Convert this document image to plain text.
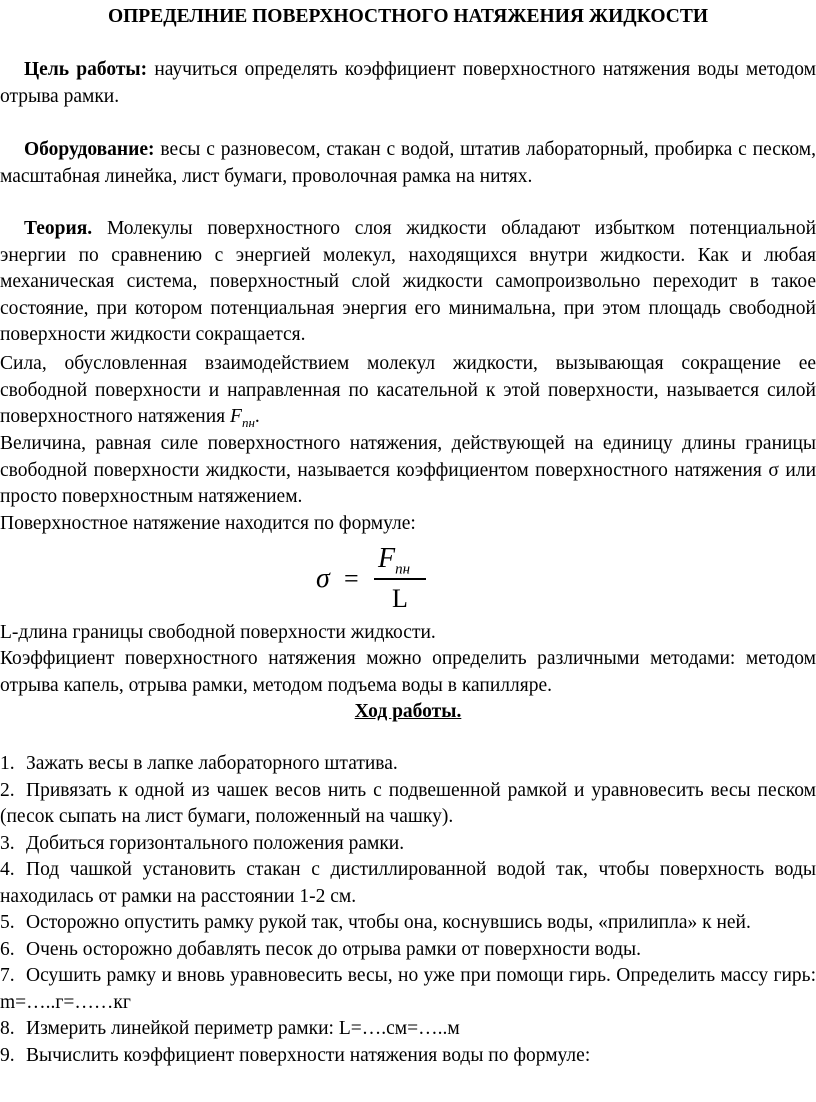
ОПРЕДЕЛНИЕ ПОВЕРХНОСТНОГО НАТЯЖЕНИЯ ЖИДКОСТИ
Цель работы: научиться определять коэффициент поверхностного натяжения воды методом отрыва рамки.
Оборудование: весы с разновесом, стакан с водой, штатив лабораторный, пробирка с песком, масштабная линейка, лист бумаги, проволочная рамка на нитях.
Теория. Молекулы поверхностного слоя жидкости обладают избытком потенциальной энергии по сравнению с энергией молекул, находящихся внутри жидкости. Как и любая механическая система, поверхностный слой жидкости самопроизвольно переходит в такое состояние, при котором потенциальная энергия его минимальна, при этом площадь свободной поверхности жидкости сокращается.
Сила, обусловленная взаимодействием молекул жидкости, вызывающая сокращение ее свободной поверхности и направленная по касательной к этой поверхности, называется силой поверхностного натяжения $F_{пн}$.
Величина, равная силе поверхностного натяжения, действующей на единицу длины границы свободной поверхности жидкости, называется коэффициентом поверхностного натяжения σ или просто поверхностным натяжением.
Поверхностное натяжение находится по формуле:
σ =
$F_{пн}$
L
L-длина границы свободной поверхности жидкости.
Коэффициент поверхностного натяжения можно определить различными методами: методом отрыва капель, отрыва рамки, методом подъема воды в капилляре.
Ход работы.
1. Зажать весы в лапке лабораторного штатива.
2. Привязать к одной из чашек весов нить с подвешенной рамкой и уравновесить весы песком (песок сыпать на лист бумаги, положенный на чашку).
3. Добиться горизонтального положения рамки.
4. Под чашкой установить стакан с дистиллированной водой так, чтобы поверхность воды находилась от рамки на расстоянии 1-2 см.
5. Осторожно опустить рамку рукой так, чтобы она, коснувшись воды, «прилипла» к ней.
6. Очень осторожно добавлять песок до отрыва рамки от поверхности воды.
7. Осушить рамку и вновь уравновесить весы, но уже при помощи гирь. Определить массу гирь: m=…..г=……кг
8. Измерить линейкой периметр рамки: L=….см=…..м
9. Вычислить коэффициент поверхности натяжения воды по формуле:
